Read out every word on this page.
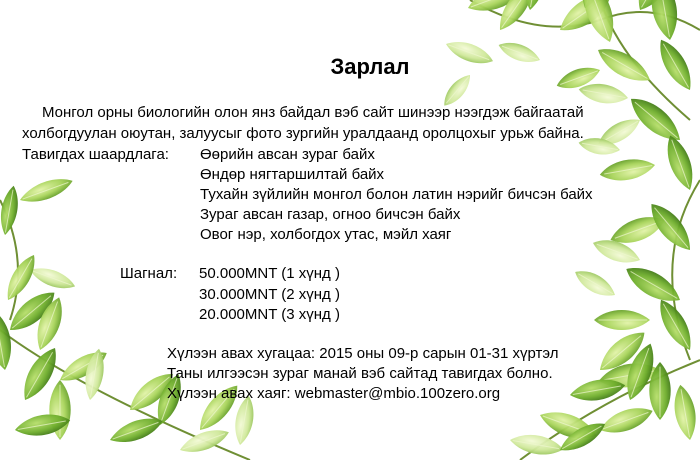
Зарлал
Монгол орны биологийн олон янз байдал вэб сайт шинээр нээгдэж байгаатай
холбогдуулан оюутан, залуусыг фото зургийн уралдаанд оролцохыг урьж байна.
Тавигдах шаардлага: Өөрийн авсан зураг байх
Өндөр нягтаршилтай байх
Тухайн зүйлийн монгол болон латин нэрийг бичсэн байх
Зураг авсан газар, огноо бичсэн байх
Овог нэр, холбогдох утас, мэйл хаяг
Шагнал: 50.000MNT (1 хүнд )
30.000MNT (2 хүнд )
20.000MNT (3 хүнд )
Хүлээн авах хугацаа: 2015 оны 09-р сарын 01-31 хүртэл
Таны илгээсэн зураг манай вэб сайтад тавигдах болно.
Хүлээн авах хаяг: webmaster@mbio.100zero.org
